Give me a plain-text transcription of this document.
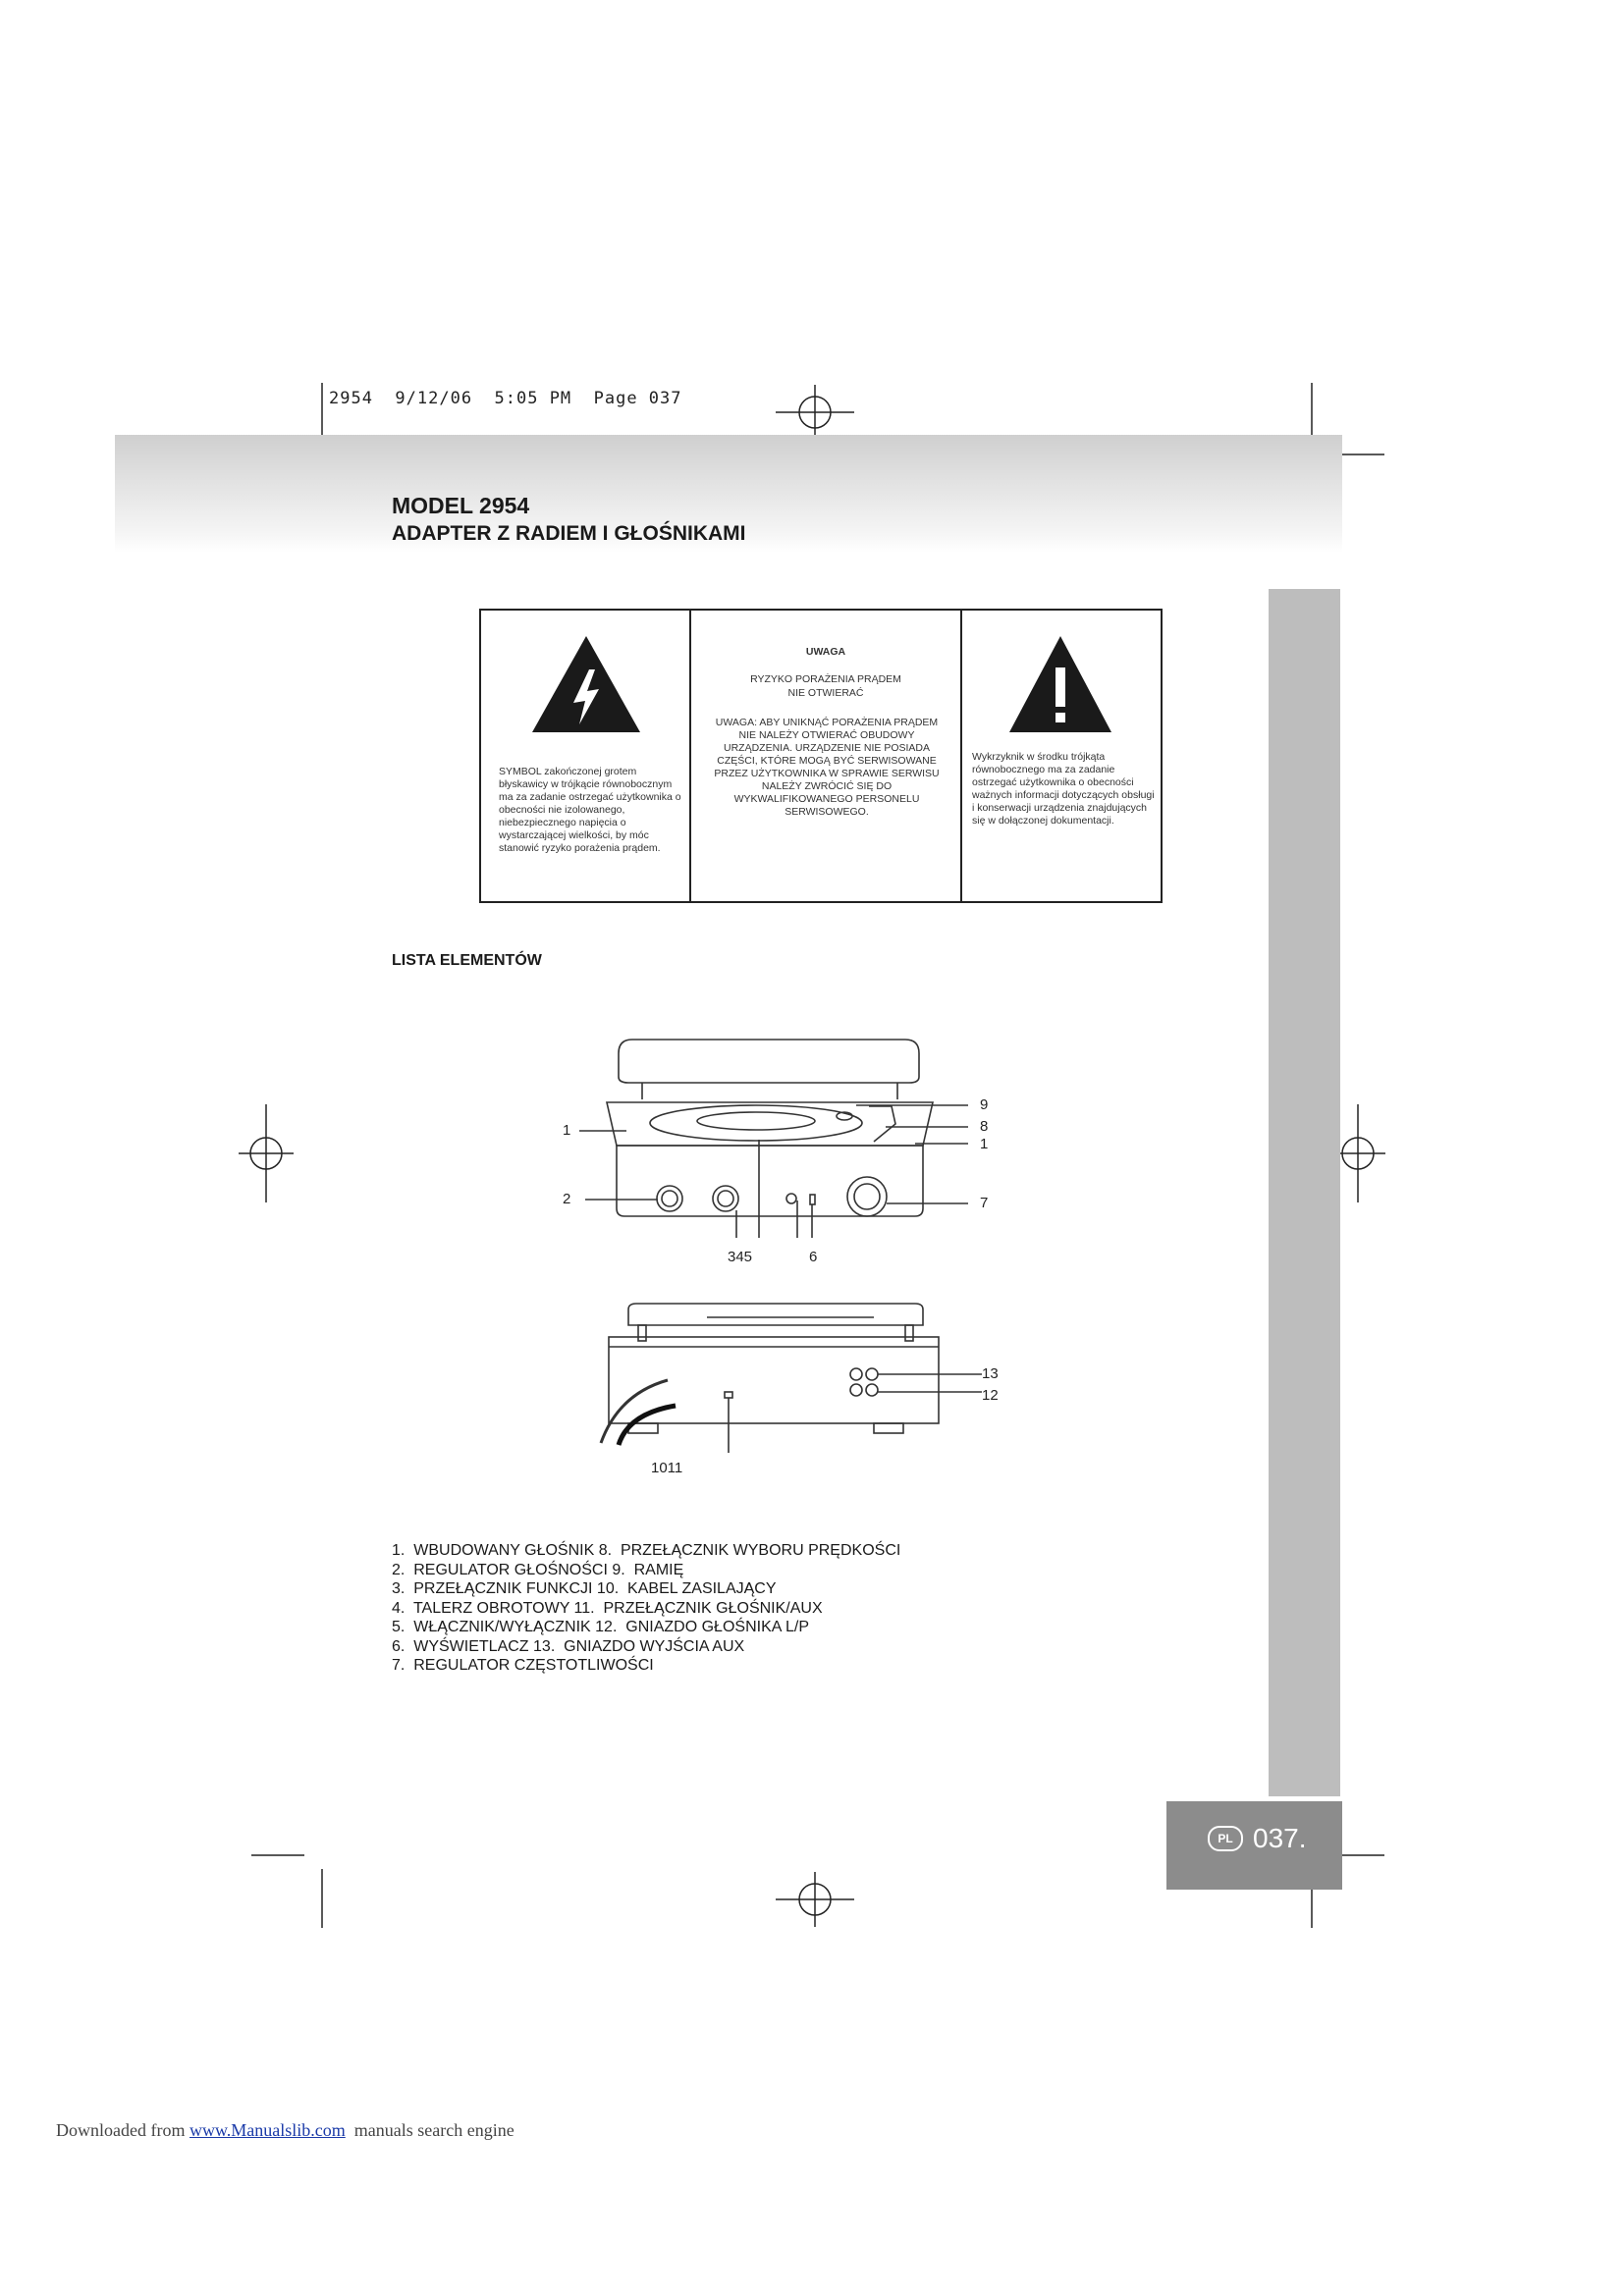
2954  9/12/06  5:05 PM  Page 037
MODEL 2954
ADAPTER Z RADIEM I GŁOŚNIKAMI
SYMBOL zakończonej grotem błyskawicy w trójkącie równobocznym ma za zadanie ostrzegać użytkownika o obecności nie izolowanego, niebezpiecznego napięcia o wystarczającej wielkości, by móc stanowić ryzyko porażenia prądem.
UWAGA
RYZYKO PORAŻENIA PRĄDEM
NIE OTWIERAĆ
UWAGA: ABY UNIKNĄĆ PORAŻENIA PRĄDEM NIE NALEŻY OTWIERAĆ OBUDOWY URZĄDZENIA. URZĄDZENIE NIE POSIADA CZĘŚCI, KTÓRE MOGĄ BYĆ SERWISOWANE PRZEZ UŻYTKOWNIKA W SPRAWIE SERWISU NALEŻY ZWRÓCIĆ SIĘ DO WYKWALIFIKOWANEGO PERSONELU SERWISOWEGO.
Wykrzyknik w środku trójkąta równobocznego ma za zadanie ostrzegać użytkownika o obecności ważnych informacji dotyczących obsługi i konserwacji urządzenia znajdujących się w dołączonej dokumentacji.
LISTA ELEMENTÓW
1
2
345	6
9
8
1
7
13
12
1011
1.  WBUDOWANY GŁOŚNIK 8.  PRZEŁĄCZNIK WYBORU PRĘDKOŚCI
2.  REGULATOR GŁOŚNOŚCI 9.  RAMIĘ
3.  PRZEŁĄCZNIK FUNKCJI 10.  KABEL ZASILAJĄCY
4.  TALERZ OBROTOWY 11.  PRZEŁĄCZNIK GŁOŚNIK/AUX
5.  WŁĄCZNIK/WYŁĄCZNIK 12.  GNIAZDO GŁOŚNIKA L/P
6.  WYŚWIETLACZ 13.  GNIAZDO WYJŚCIA AUX
7.  REGULATOR CZĘSTOTLIWOŚCI
PL 037.
Downloaded from www.Manualslib.com  manuals search engine
